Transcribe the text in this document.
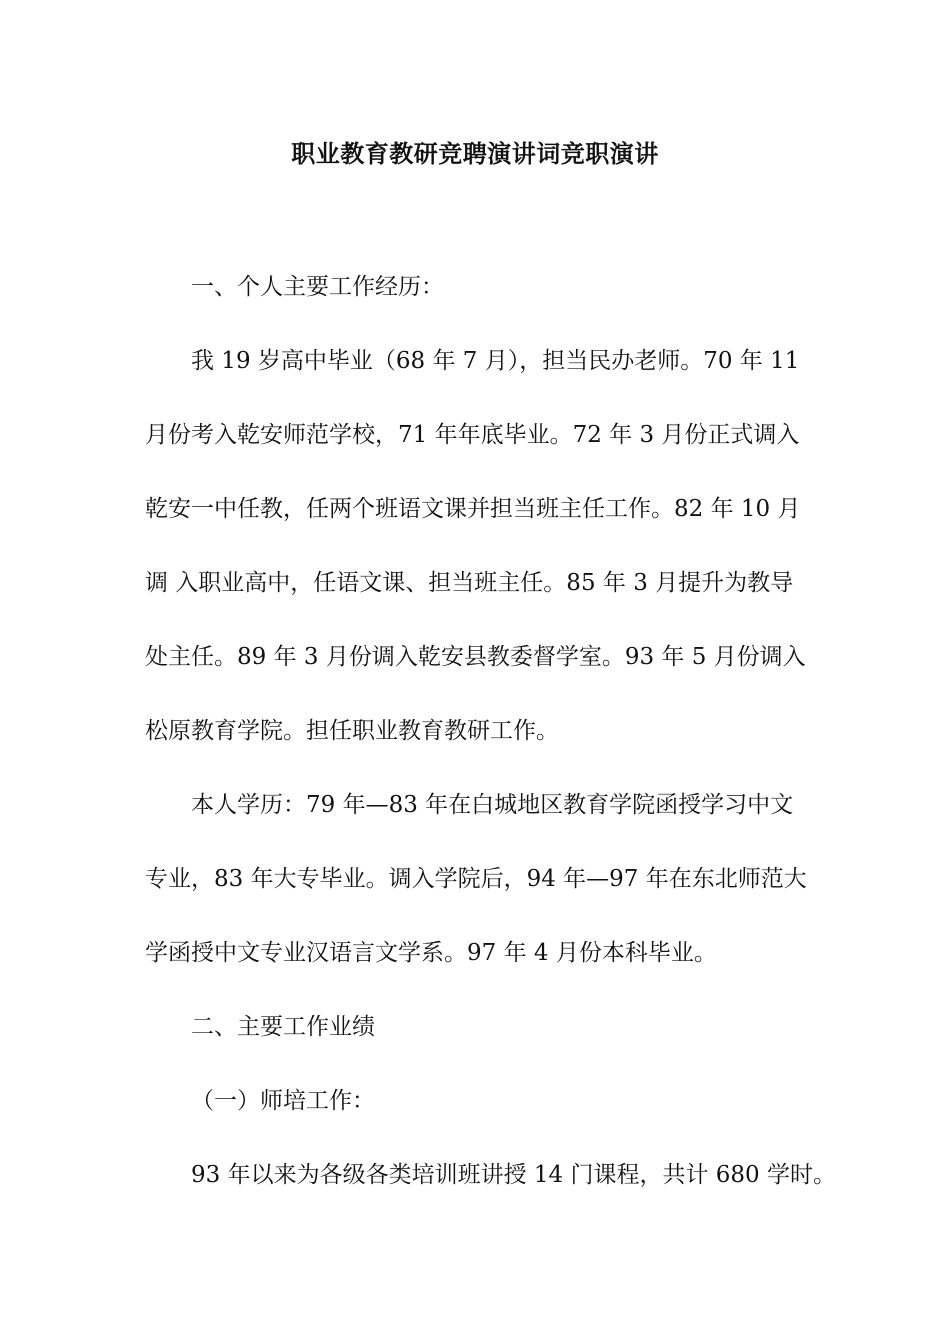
职业教育教研竞聘演讲词竞职演讲

一、个人主要工作经历：

我 19 岁高中毕业（68 年 7 月），担当民办老师。70 年 11
月份考入乾安师范学校，71 年年底毕业。72 年 3 月份正式调入
乾安一中任教，任两个班语文课并担当班主任工作。82 年 10 月
调 入职业高中，任语文课、担当班主任。85 年 3 月提升为教导
处主任。89 年 3 月份调入乾安县教委督学室。93 年 5 月份调入
松原教育学院。担任职业教育教研工作。

本人学历：79 年—83 年在白城地区教育学院函授学习中文
专业，83 年大专毕业。调入学院后，94 年—97 年在东北师范大
学函授中文专业汉语言文学系。97 年 4 月份本科毕业。

二、主要工作业绩

（一）师培工作：

93 年以来为各级各类培训班讲授 14 门课程，共计 680 学时。
